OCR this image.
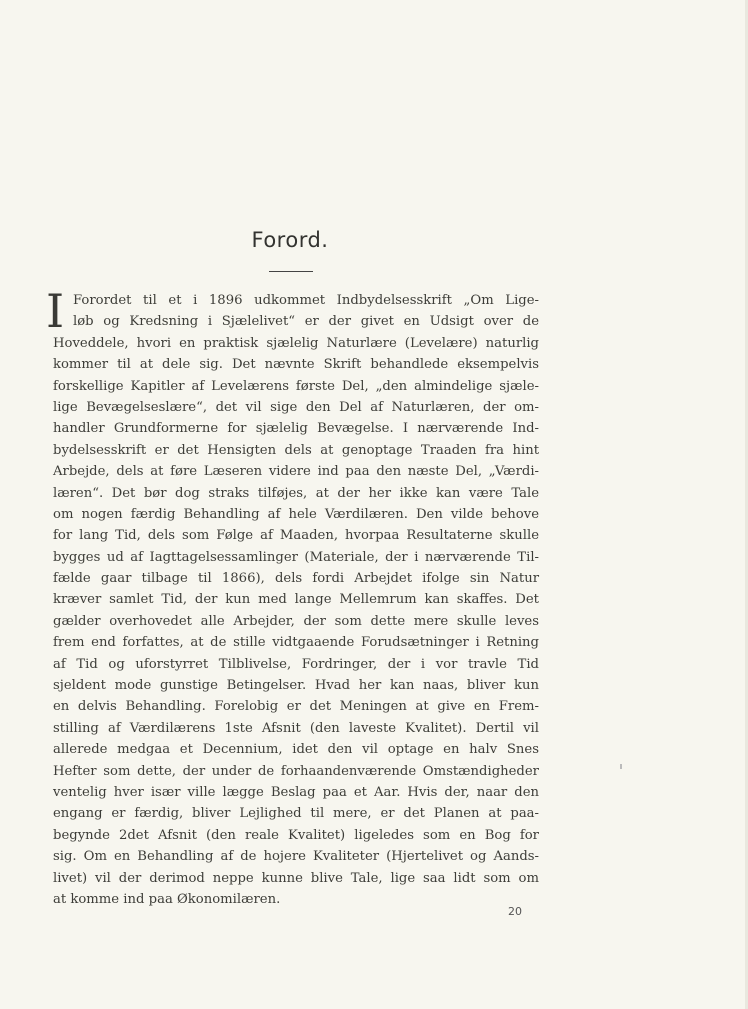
Forord.
I Forordet til et i 1896 udkommet Indbydelsesskrift „Om Lige-
løb og Kredsning i Sjælelivet“ er der givet en Udsigt over de
Hoveddele, hvori en praktisk sjælelig Naturlære (Levelære) naturlig
kommer til at dele sig. Det nævnte Skrift behandlede eksempelvis
forskellige Kapitler af Levelærens første Del, „den almindelige sjæle-
lige Bevægelseslære“, det vil sige den Del af Naturlæren, der om-
handler Grundformerne for sjælelig Bevægelse. I nærværende Ind-
bydelsesskrift er det Hensigten dels at genoptage Traaden fra hint
Arbejde, dels at føre Læseren videre ind paa den næste Del, „Værdi-
læren“. Det bør dog straks tilføjes, at der her ikke kan være Tale
om nogen færdig Behandling af hele Værdilæren. Den vilde behove
for lang Tid, dels som Følge af Maaden, hvorpaa Resultaterne skulle
bygges ud af Iagttagelsessamlinger (Materiale, der i nærværende Til-
fælde gaar tilbage til 1866), dels fordi Arbejdet ifolge sin Natur
kræver samlet Tid, der kun med lange Mellemrum kan skaffes. Det
gælder overhovedet alle Arbejder, der som dette mere skulle leves
frem end forfattes, at de stille vidtgaaende Forudsætninger i Retning
af Tid og uforstyrret Tilblivelse, Fordringer, der i vor travle Tid
sjeldent mode gunstige Betingelser. Hvad her kan naas, bliver kun
en delvis Behandling. Forelobig er det Meningen at give en Frem-
stilling af Værdilærens 1ste Afsnit (den laveste Kvalitet). Dertil vil
allerede medgaa et Decennium, idet den vil optage en halv Snes
Hefter som dette, der under de forhaandenværende Omstændigheder
ventelig hver især ville lægge Beslag paa et Aar. Hvis der, naar den
engang er færdig, bliver Lejlighed til mere, er det Planen at paa-
begynde 2det Afsnit (den reale Kvalitet) ligeledes som en Bog for
sig. Om en Behandling af de hojere Kvaliteter (Hjertelivet og Aands-
livet) vil der derimod neppe kunne blive Tale, lige saa lidt som om
at komme ind paa Økonomilæren.
20
